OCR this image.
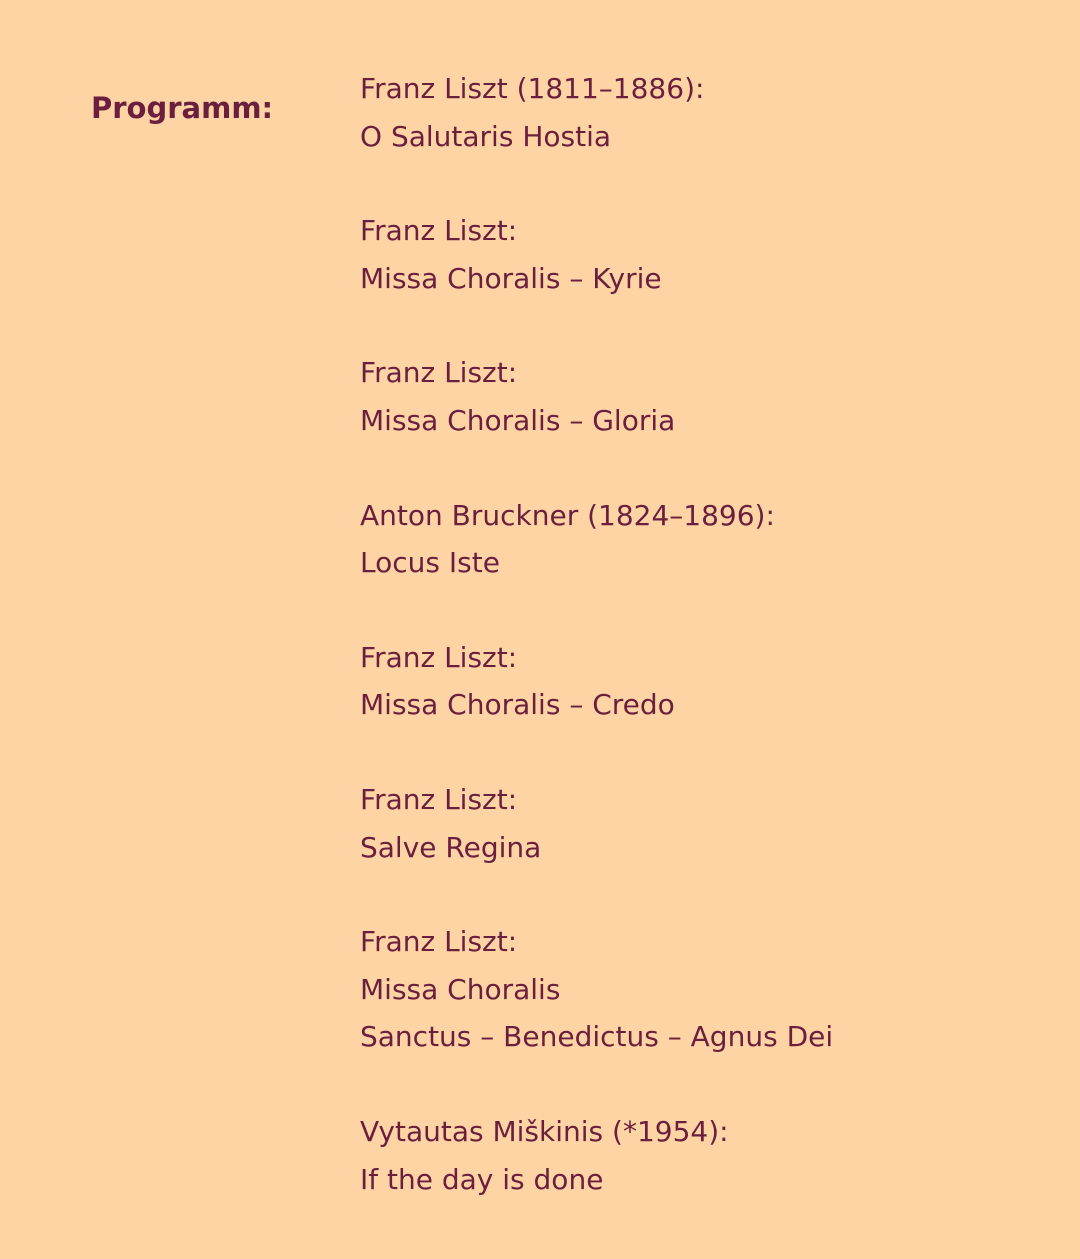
Programm:
Franz Liszt (1811–1886):
O Salutaris Hostia
Franz Liszt:
Missa Choralis – Kyrie
Franz Liszt:
Missa Choralis – Gloria
Anton Bruckner (1824–1896):
Locus Iste
Franz Liszt:
Missa Choralis – Credo
Franz Liszt:
Salve Regina
Franz Liszt:
Missa Choralis
Sanctus – Benedictus – Agnus Dei
Vytautas Miškinis (*1954):
If the day is done
